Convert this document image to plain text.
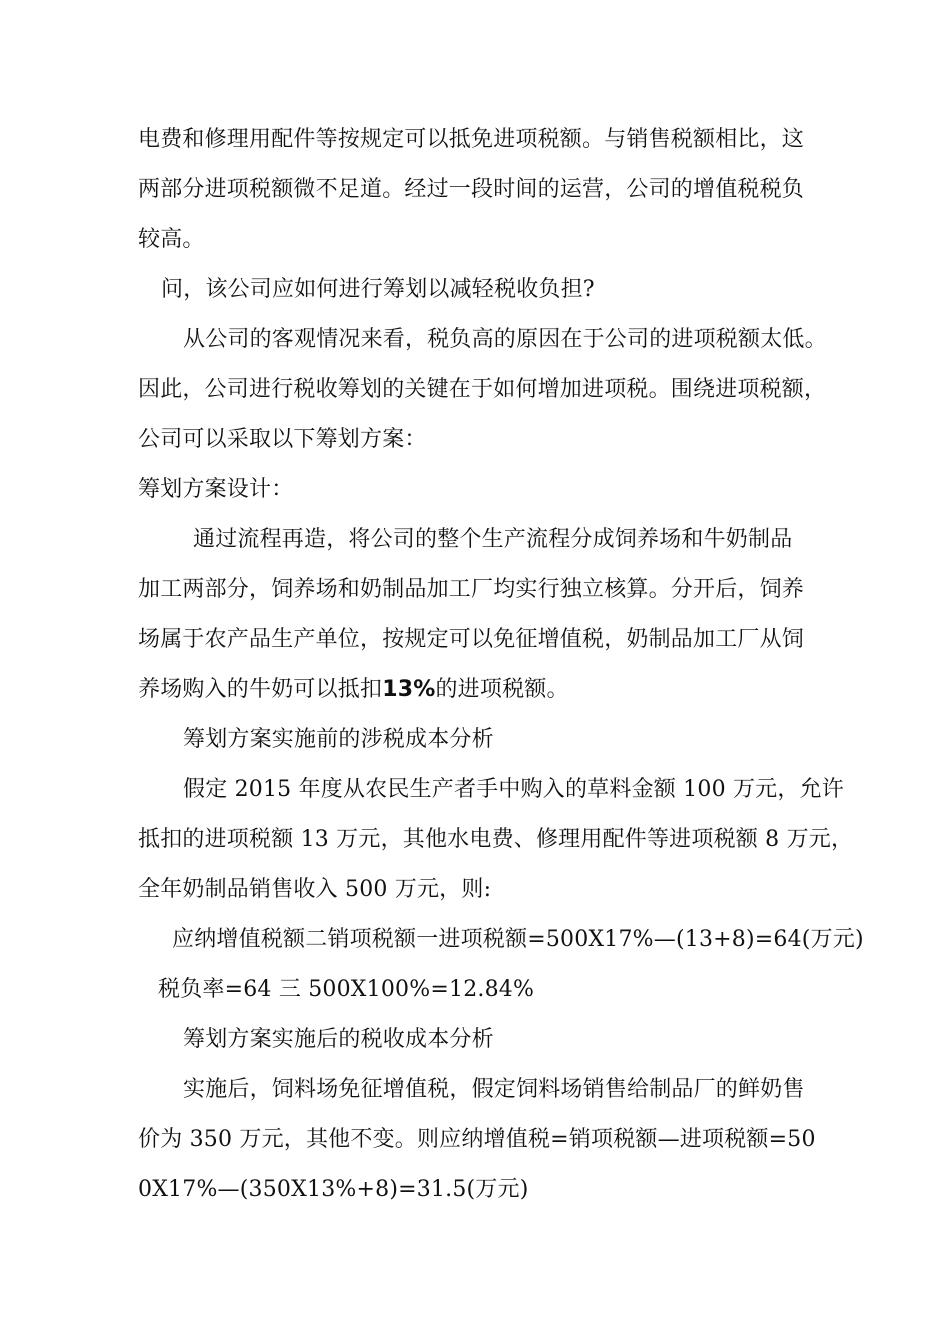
电费和修理用配件等按规定可以抵免进项税额。与销售税额相比，这
两部分进项税额微不足道。经过一段时间的运营，公司的增值税税负
较高。
问，该公司应如何进行筹划以减轻税收负担?
从公司的客观情况来看，税负高的原因在于公司的进项税额太低。
因此，公司进行税收筹划的关键在于如何增加进项税。围绕进项税额，
公司可以采取以下筹划方案：
筹划方案设计：
通过流程再造，将公司的整个生产流程分成饲养场和牛奶制品
加工两部分，饲养场和奶制品加工厂均实行独立核算。分开后，饲养
场属于农产品生产单位，按规定可以免征增值税，奶制品加工厂从饲
养场购入的牛奶可以抵扣13%的进项税额。
筹划方案实施前的涉税成本分析
假定 2015 年度从农民生产者手中购入的草料金额 100 万元，允许
抵扣的进项税额 13 万元，其他水电费、修理用配件等进项税额 8 万元，
全年奶制品销售收入 500 万元，则:
应纳增值税额二销项税额一进项税额=500X17%—(13+8)=64(万元)
税负率=64 三 500X100%=12.84%
筹划方案实施后的税收成本分析
实施后，饲料场免征增值税，假定饲料场销售给制品厂的鲜奶售
价为 350 万元，其他不变。则应纳增值税=销项税额—进项税额=50
0X17%—(350X13%+8)=31.5(万元)
